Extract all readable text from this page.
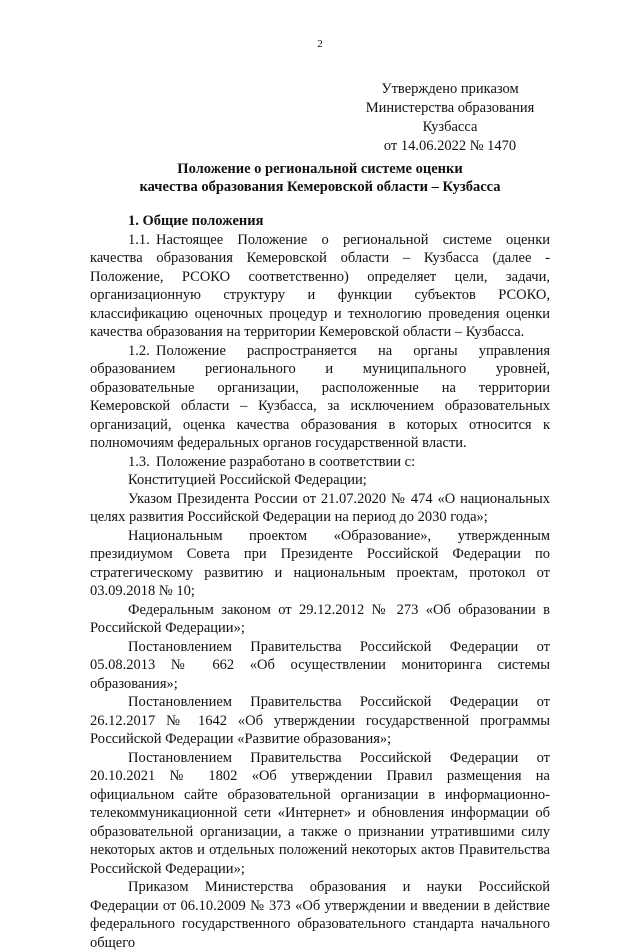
2
Утверждено приказом
Министерства образования Кузбасса
от 14.06.2022 № 1470
Положение о региональной системе оценки
качества образования Кемеровской области – Кузбасса

1. Общие положения

1.1. Настоящее Положение о региональной системе оценки качества образования Кемеровской области – Кузбасса (далее - Положение, РСОКО соответственно) определяет цели, задачи, организационную структуру и функции субъектов РСОКО, классификацию оценочных процедур и технологию проведения оценки качества образования на территории Кемеровской области – Кузбасса.

1.2. Положение распространяется на органы управления образованием регионального и муниципального уровней, образовательные организации, расположенные на территории Кемеровской области – Кузбасса, за исключением образовательных организаций, оценка качества образования в которых относится к полномочиям федеральных органов государственной власти.

1.3. Положение разработано в соответствии с:

Конституцией Российской Федерации;

Указом Президента России от 21.07.2020 № 474 «О национальных целях развития Российской Федерации на период до 2030 года»;

Национальным проектом «Образование», утвержденным президиумом Совета при Президенте Российской Федерации по стратегическому развитию и национальным проектам, протокол от 03.09.2018 № 10;

Федеральным законом от 29.12.2012 № 273 «Об образовании в Российской Федерации»;

Постановлением Правительства Российской Федерации от 05.08.2013 № 662 «Об осуществлении мониторинга системы образования»;

Постановлением Правительства Российской Федерации от 26.12.2017 № 1642 «Об утверждении государственной программы Российской Федерации «Развитие образования»;

Постановлением Правительства Российской Федерации от 20.10.2021 № 1802 «Об утверждении Правил размещения на официальном сайте образовательной организации в информационно-телекоммуникационной сети «Интернет» и обновления информации об образовательной организации, а также о признании утратившими силу некоторых актов и отдельных положений некоторых актов Правительства Российской Федерации»;

Приказом Министерства образования и науки Российской Федерации от 06.10.2009 № 373 «Об утверждении и введении в действие федерального государственного образовательного стандарта начального общего
